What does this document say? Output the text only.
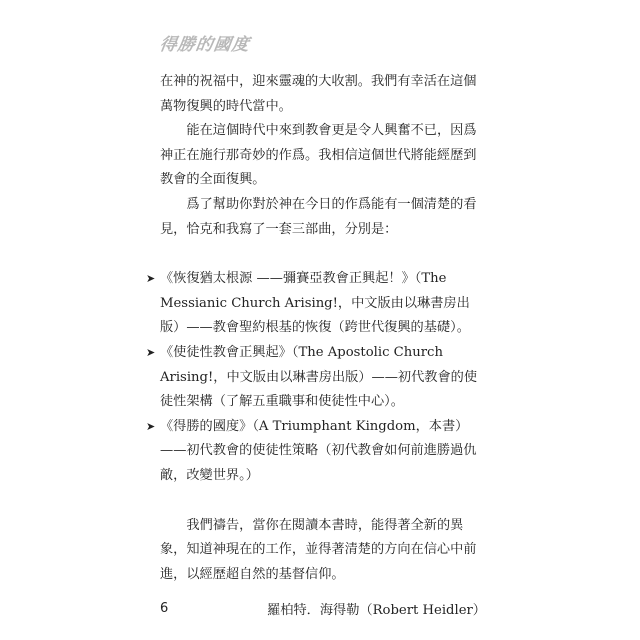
得勝的國度

在神的祝福中，迎來靈魂的大收割。我們有幸活在這個萬物復興的時代當中。

能在這個時代中來到教會更是令人興奮不已，因爲神正在施行那奇妙的作爲。我相信這個世代將能經歷到教會的全面復興。

爲了幫助你對於神在今日的作爲能有一個清楚的看見，恰克和我寫了一套三部曲，分別是：

➤ 《恢復猶太根源 ——彌賽亞教會正興起！》（The Messianic Church Arising!，中文版由以琳書房出版）——教會聖約根基的恢復（跨世代復興的基礎）。
➤ 《使徒性教會正興起》（The Apostolic Church Arising!，中文版由以琳書房出版）——初代教會的使徒性架構（了解五重職事和使徒性中心）。
➤ 《得勝的國度》（A Triumphant Kingdom，本書）——初代教會的使徒性策略（初代教會如何前進勝過仇敵，改變世界。）

我們禱告，當你在閱讀本書時，能得著全新的異象，知道神現在的工作，並得著清楚的方向在信心中前進，以經歷超自然的基督信仰。

羅柏特．海得勒（Robert Heidler）

6
